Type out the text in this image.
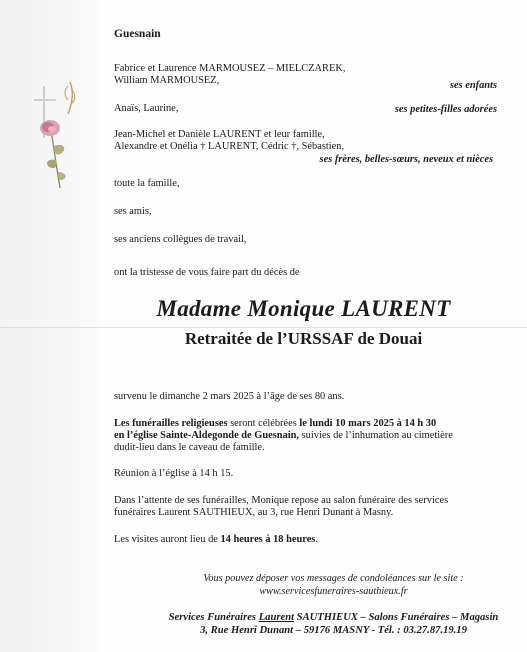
Guesnain
Fabrice et Laurence MARMOUSEZ – MIELCZAREK,
William MARMOUSEZ,	ses enfants
Anaïs, Laurine,	ses petites-filles adorées
Jean-Michel et Danièle LAURENT et leur famille,
Alexandre et Onélia † LAURENT, Cédric †, Sébastien,
ses frères, belles-sœurs, neveux et nièces
toute la famille,
ses amis,
ses anciens collègues de travail,
ont la tristesse de vous faire part du décès de
Madame Monique LAURENT
Retraitée de l’URSSAF de Douai
survenu le dimanche 2 mars 2025 à l’âge de ses 80 ans.
Les funérailles religieuses seront célébrées le lundi 10 mars 2025 à 14 h 30
en l’église Sainte-Aldegonde de Guesnain, suivies de l’inhumation au cimetière
dudit-lieu dans le caveau de famille.
Réunion à l’église à 14 h 15.
Dans l’attente de ses funérailles, Monique repose au salon funéraire des services
funéraires Laurent SAUTHIEUX, au 3, rue Henri Dunant à Masny.
Les visites auront lieu de 14 heures à 18 heures.
Vous pouvez déposer vos messages de condoléances sur le site :
www.servicesfuneraires-sauthieux.fr
Services Funéraires Laurent SAUTHIEUX – Salons Funéraires – Magasin
3, Rue Henri Dunant – 59176 MASNY - Tél. : 03.27.87.19.19
